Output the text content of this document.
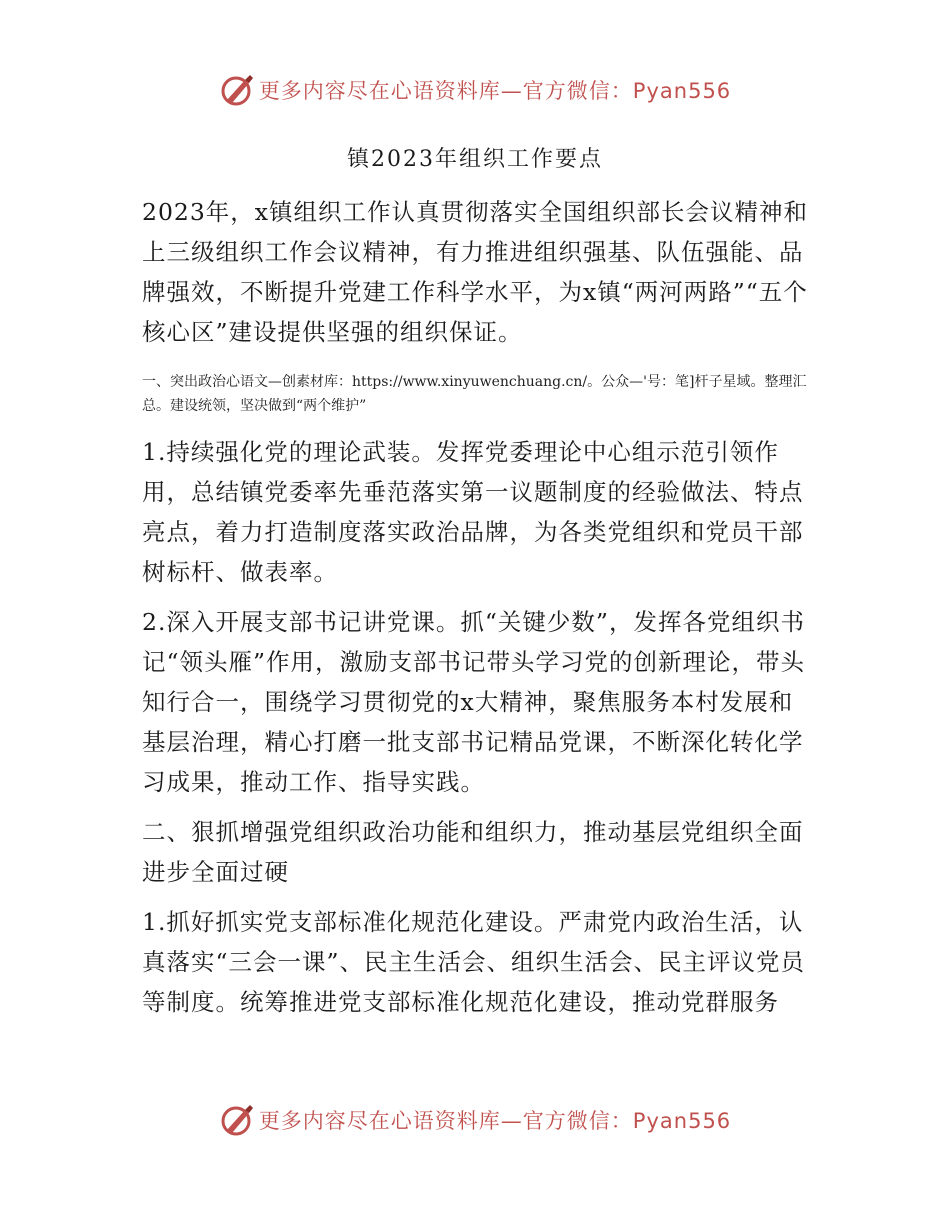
更多内容尽在心语资料库—官方微信：Pyan556
镇2023年组织工作要点

2023年，x镇组织工作认真贯彻落实全国组织部长会议精神和上三级组织工作会议精神，有力推进组织强基、队伍强能、品牌强效，不断提升党建工作科学水平，为x镇“两河两路”“五个核心区”建设提供坚强的组织保证。

一、突出政治心语文—创素材库：https://www.xinyuwenchuang.cn/。公众—'号：笔]杆子星域。整理汇总。建设统领，坚决做到“两个维护”

1.持续强化党的理论武装。发挥党委理论中心组示范引领作用，总结镇党委率先垂范落实第一议题制度的经验做法、特点亮点，着力打造制度落实政治品牌，为各类党组织和党员干部树标杆、做表率。

2.深入开展支部书记讲党课。抓“关键少数”，发挥各党组织书记“领头雁”作用，激励支部书记带头学习党的创新理论，带头知行合一，围绕学习贯彻党的x大精神，聚焦服务本村发展和基层治理，精心打磨一批支部书记精品党课，不断深化转化学习成果，推动工作、指导实践。

二、狠抓增强党组织政治功能和组织力，推动基层党组织全面进步全面过硬

1.抓好抓实党支部标准化规范化建设。严肃党内政治生活，认真落实“三会一课”、民主生活会、组织生活会、民主评议党员等制度。统筹推进党支部标准化规范化建设，推动党群服务

更多内容尽在心语资料库—官方微信：Pyan556
